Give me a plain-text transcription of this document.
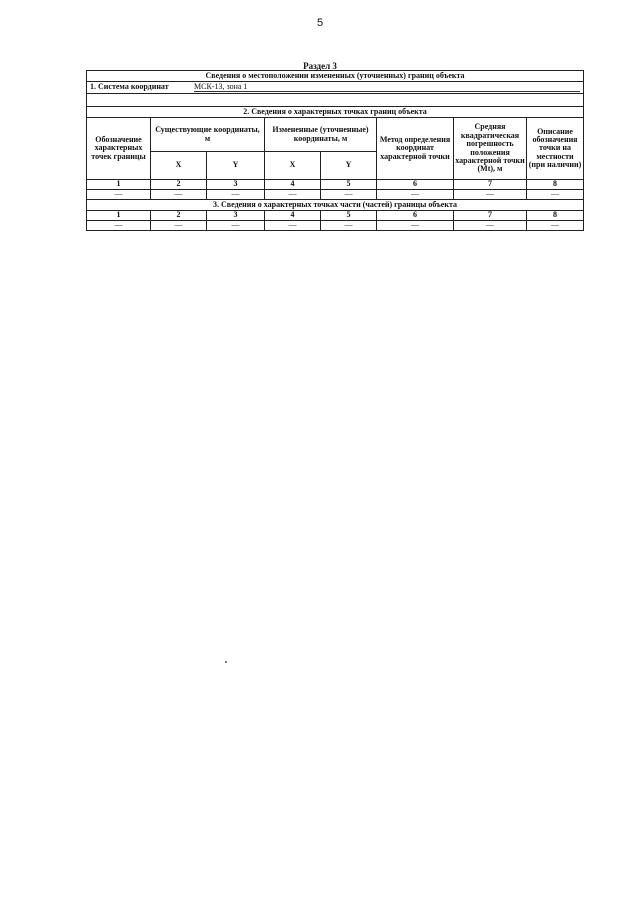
5
Раздел 3
Сведения о местоположении измененных (уточненных) границ объекта							
1. Система координат МСК-13, зона 1							

2. Сведения о характерных точках границ объекта							
Обозначение характерных точек границы	Существующие координаты, м		Измененные (уточненные) координаты, м		Метод определения координат характерной точки	Средняя квадратическая погрешность положения характерной точки (Mt), м	Описание обозначения точки на местности (при наличии)
	X	Y	X	Y			
1	2	3	4	5	6	7	8
—	—	—	—	—	—	—	—
3. Сведения о характерных точках части (частей) границы объекта							
1	2	3	4	5	6	7	8
—	—	—	—	—	—	—	—
